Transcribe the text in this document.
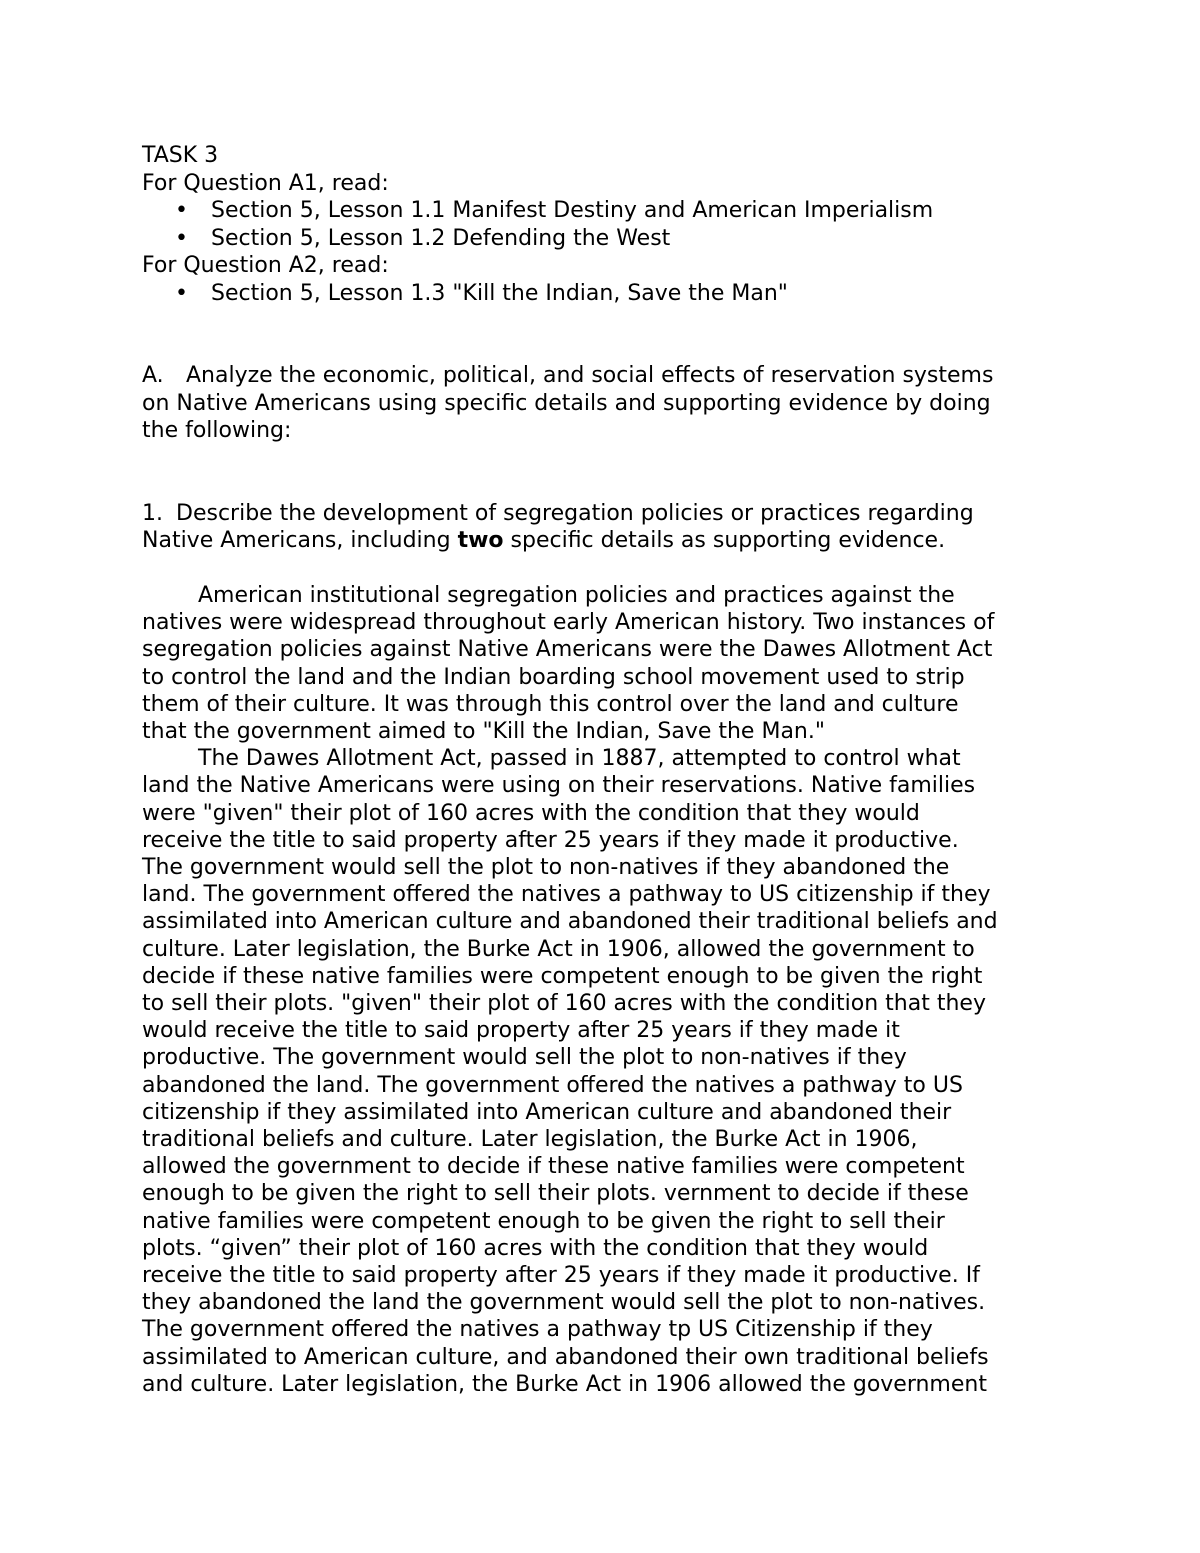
TASK 3

For Question A1, read:

• Section 5, Lesson 1.1 Manifest Destiny and American Imperialism
• Section 5, Lesson 1.2 Defending the West

For Question A2, read:

• Section 5, Lesson 1.3 "Kill the Indian, Save the Man"

A. Analyze the economic, political, and social effects of reservation systems

on Native Americans using specific details and supporting evidence by doing

the following:

1. Describe the development of segregation policies or practices regarding

Native Americans, including two specific details as supporting evidence.

American institutional segregation policies and practices against the

natives were widespread throughout early American history. Two instances of

segregation policies against Native Americans were the Dawes Allotment Act

to control the land and the Indian boarding school movement used to strip

them of their culture. It was through this control over the land and culture

that the government aimed to "Kill the Indian, Save the Man."

The Dawes Allotment Act, passed in 1887, attempted to control what

land the Native Americans were using on their reservations. Native families

were "given" their plot of 160 acres with the condition that they would

receive the title to said property after 25 years if they made it productive.

The government would sell the plot to non-natives if they abandoned the

land. The government offered the natives a pathway to US citizenship if they

assimilated into American culture and abandoned their traditional beliefs and

culture. Later legislation, the Burke Act in 1906, allowed the government to

decide if these native families were competent enough to be given the right

to sell their plots. "given" their plot of 160 acres with the condition that they

would receive the title to said property after 25 years if they made it

productive. The government would sell the plot to non-natives if they

abandoned the land. The government offered the natives a pathway to US

citizenship if they assimilated into American culture and abandoned their

traditional beliefs and culture. Later legislation, the Burke Act in 1906,

allowed the government to decide if these native families were competent

enough to be given the right to sell their plots. vernment to decide if these

native families were competent enough to be given the right to sell their

plots. “given” their plot of 160 acres with the condition that they would

receive the title to said property after 25 years if they made it productive. If

they abandoned the land the government would sell the plot to non-natives.

The government offered the natives a pathway tp US Citizenship if they

assimilated to American culture, and abandoned their own traditional beliefs

and culture. Later legislation, the Burke Act in 1906 allowed the government
